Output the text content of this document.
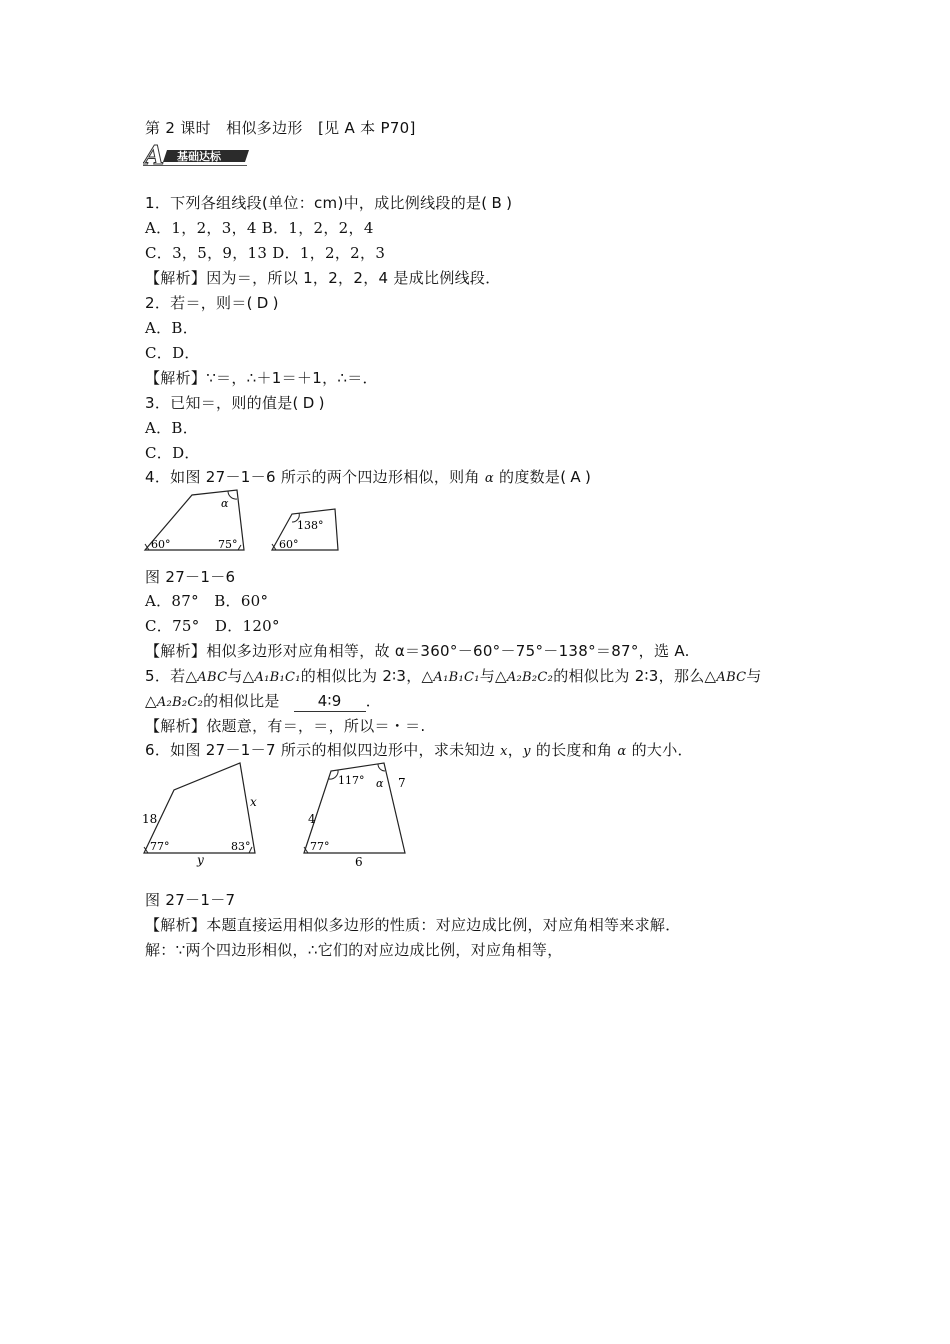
第 2 课时　相似多边形　[见 A 本 P70]
A 基础达标
1．下列各组线段(单位：cm)中，成比例线段的是( B )
A．1，2，3，4 B．1，2，2，4
C．3，5，9，13 D．1，2，2，3
【解析】因为＝，所以 1，2，2，4 是成比例线段．
2．若＝，则＝( D )
A．B．
C．D．
【解析】∵＝，∴＋1＝＋1，∴＝．
3．已知＝，则的值是( D )
A．B．
C．D．
4．如图 27－1－6 所示的两个四边形相似，则角 α 的度数是( A )
α
60°	75°
138°
60°
图 27－1－6
A．87°　B．60°
C．75°　D．120°
【解析】相似多边形对应角相等，故 α＝360°－60°－75°－138°＝87°，选 A.
5．若△ABC与△A₁B₁C₁的相似比为 2∶3，△A₁B₁C₁与△A₂B₂C₂的相似比为 2∶3，那么△ABC与
△A₂B₂C₂的相似比是	4∶9 ．
【解析】依题意，有＝，＝，所以＝・＝.
6．如图 27－1－7 所示的相似四边形中，求未知边 x，y 的长度和角 α 的大小．
18
x
77°	83°
y
α
117°
4
7
77°
6
图 27－1－7
【解析】本题直接运用相似多边形的性质：对应边成比例，对应角相等来求解．
解：∵两个四边形相似，∴它们的对应边成比例，对应角相等，
